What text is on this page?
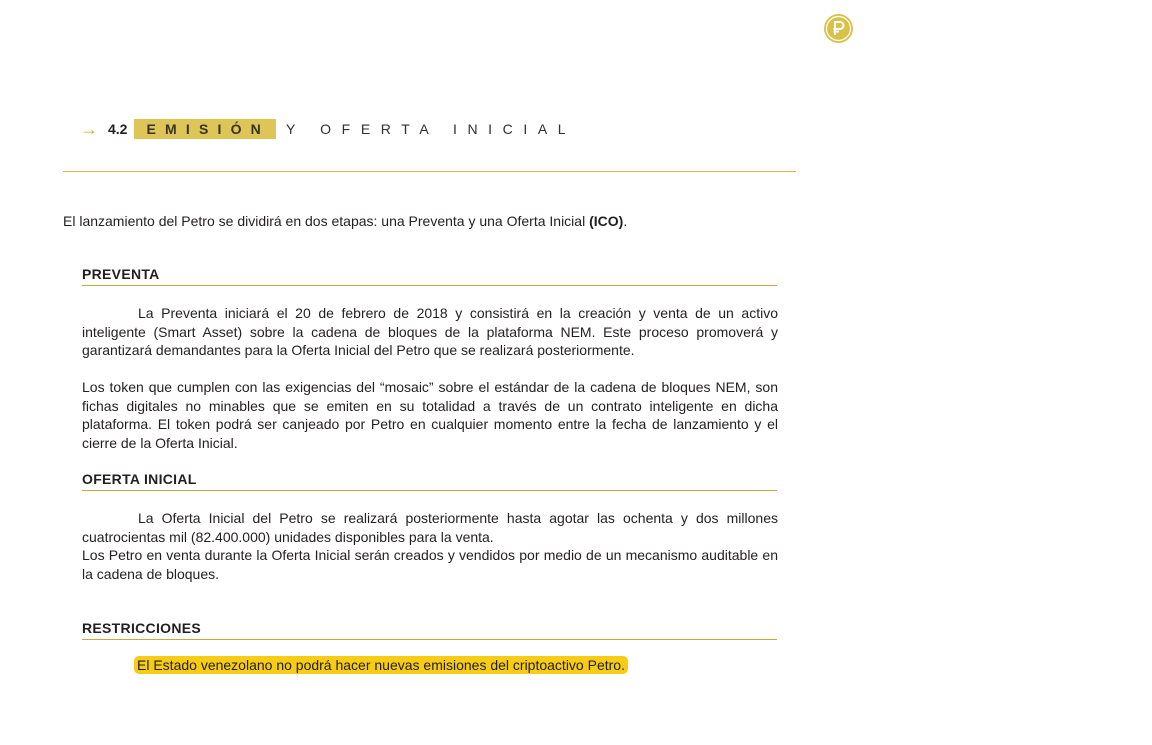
→ 4.2	EMISIÓN	Y OFERTA INICIAL
El lanzamiento del Petro se dividirá en dos etapas: una Preventa y una Oferta Inicial (ICO).
PREVENTA
La Preventa iniciará el 20 de febrero de 2018 y consistirá en la creación y venta de un activo inteligente (Smart Asset) sobre la cadena de bloques de la plataforma NEM. Este proceso promoverá y garantizará demandantes para la Oferta Inicial del Petro que se realizará posteriormente.
Los token que cumplen con las exigencias del “mosaic” sobre el estándar de la cadena de bloques NEM, son fichas digitales no minables que se emiten en su totalidad a través de un contrato inteligente en dicha plataforma. El token podrá ser canjeado por Petro en cualquier momento entre la fecha de lanzamiento y el cierre de la Oferta Inicial.
OFERTA INICIAL
La Oferta Inicial del Petro se realizará posteriormente hasta agotar las ochenta y dos millones cuatrocientas mil (82.400.000) unidades disponibles para la venta.
Los Petro en venta durante la Oferta Inicial serán creados y vendidos por medio de un mecanismo auditable en la cadena de bloques.
RESTRICCIONES
El Estado venezolano no podrá hacer nuevas emisiones del criptoactivo Petro.
